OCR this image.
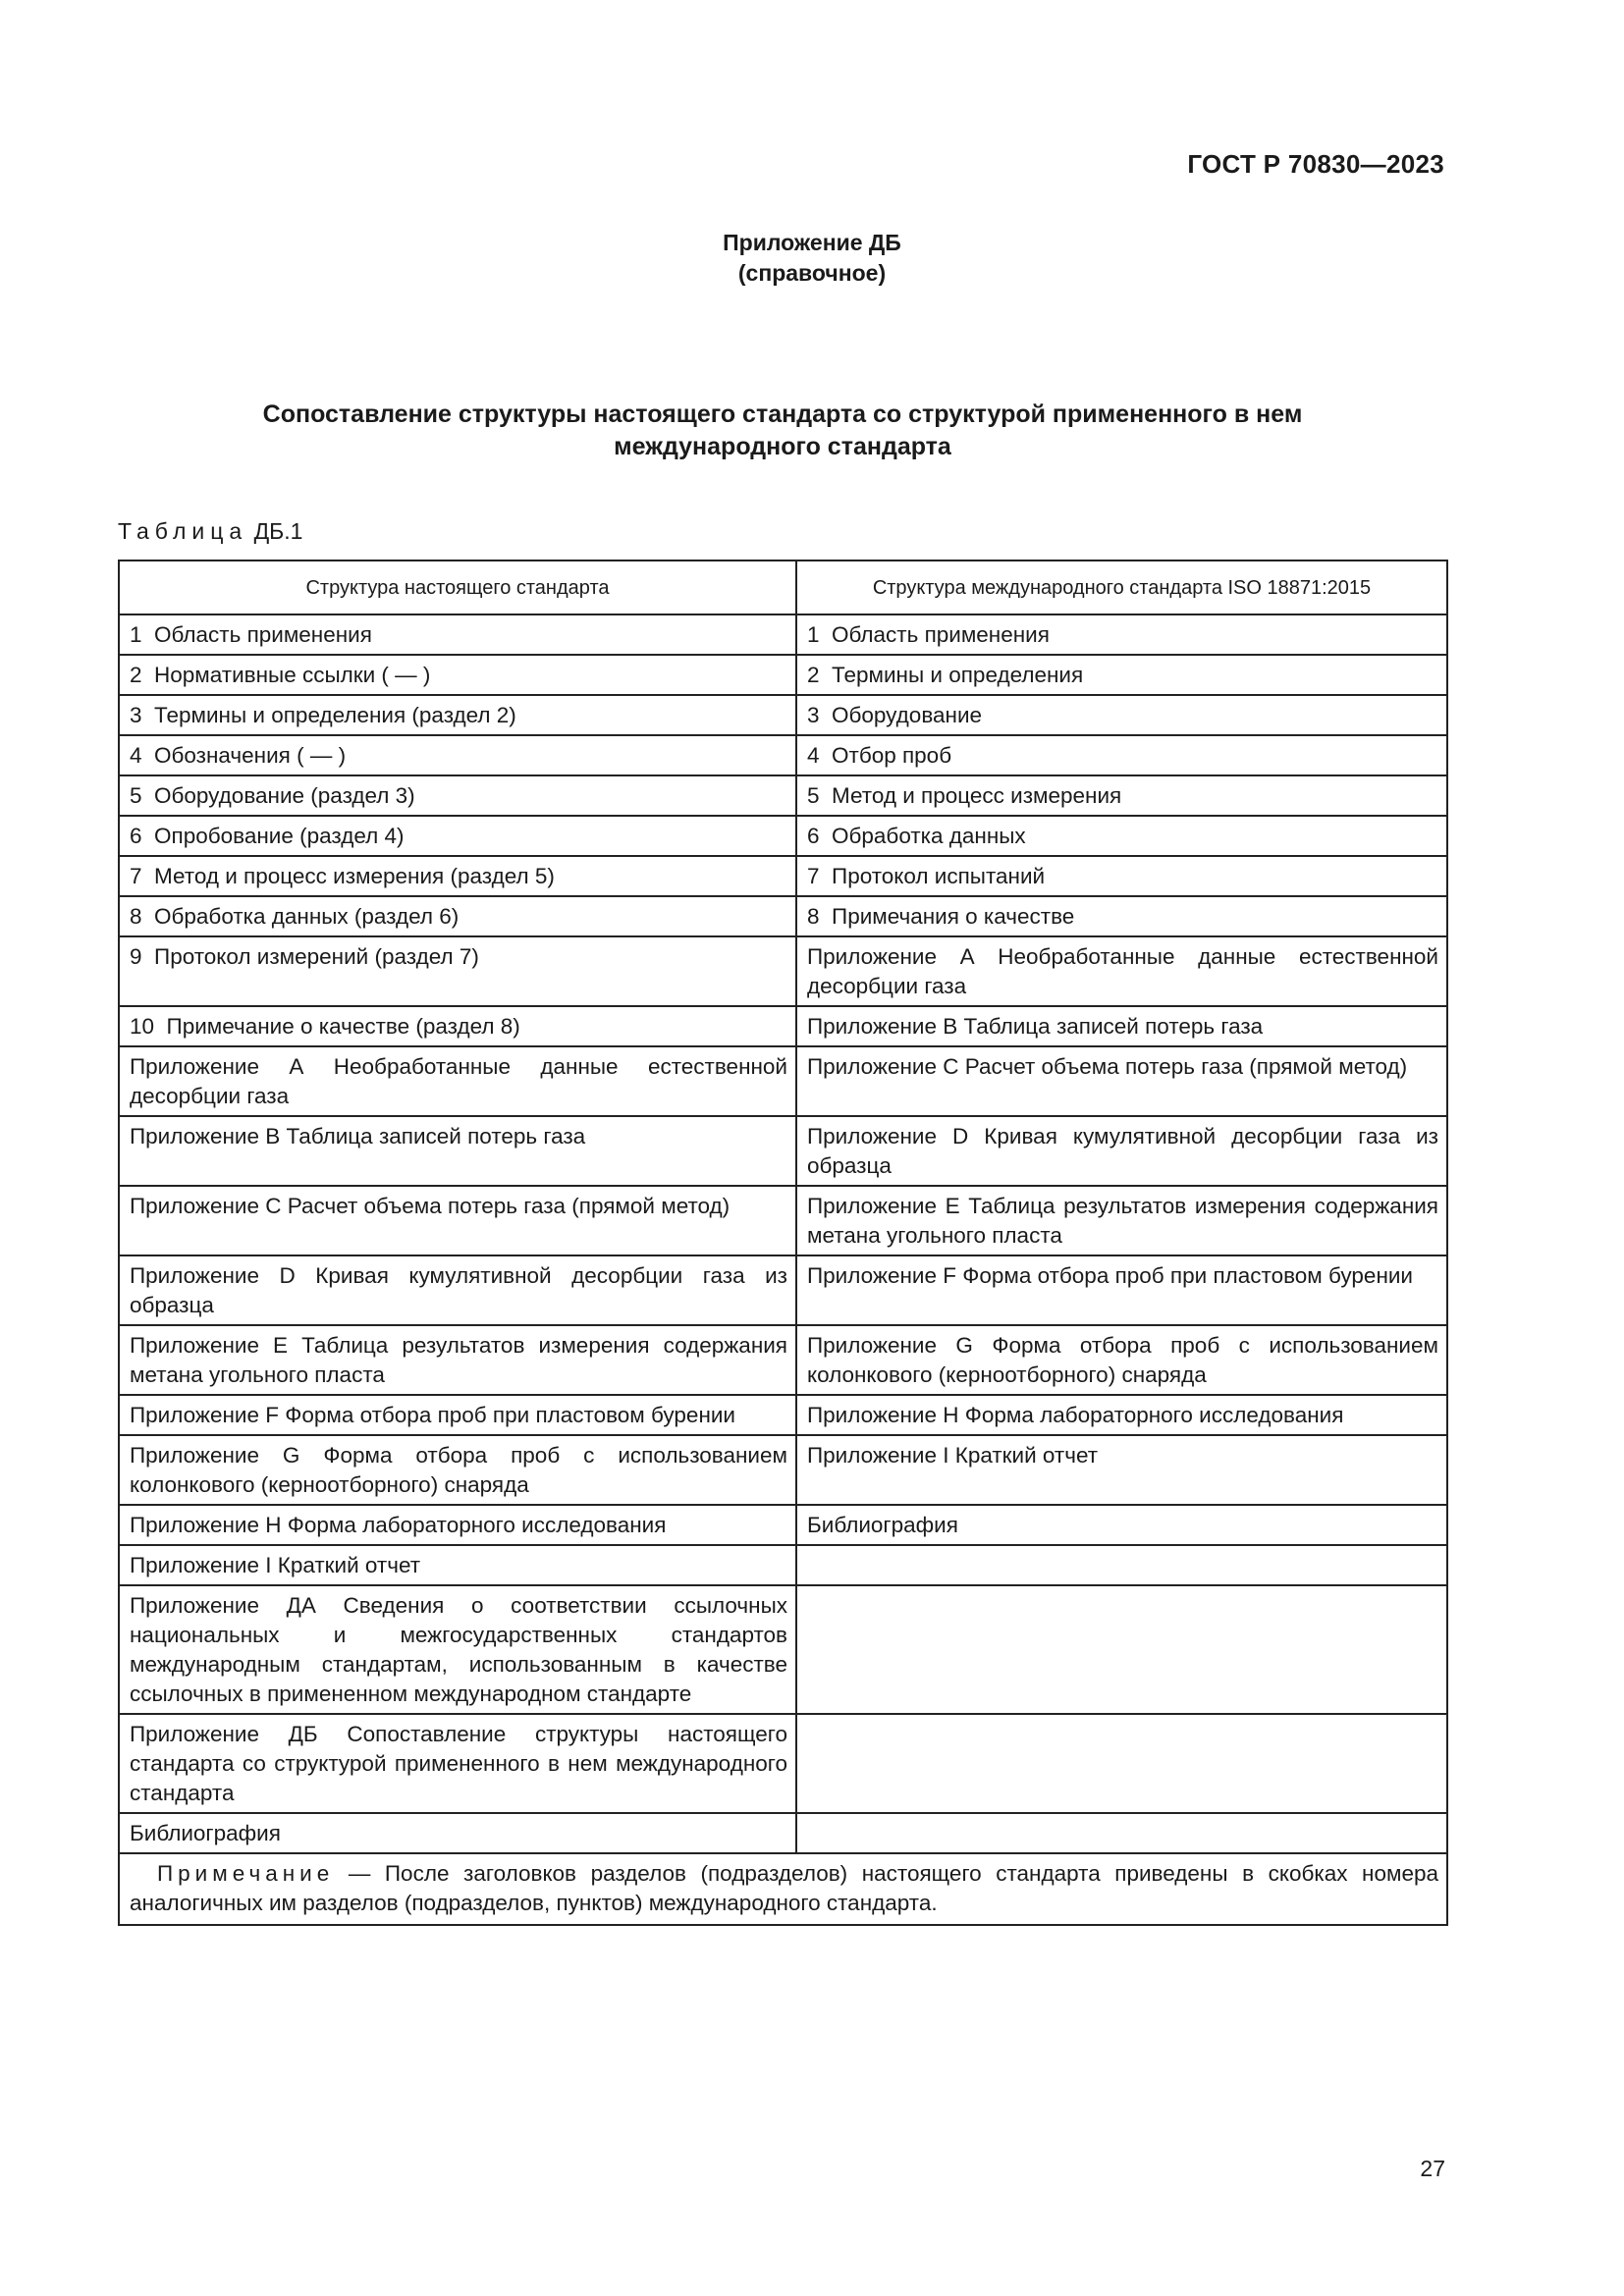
ГОСТ Р 70830—2023
Приложение ДБ
(справочное)
Сопоставление структуры настоящего стандарта со структурой примененного в нем
международного стандарта
Таблица ДБ.1
Структура настоящего стандарта	Структура международного стандарта ISO 18871:2015
1  Область применения	1  Область применения
2  Нормативные ссылки ( — )	2  Термины и определения
3  Термины и определения (раздел 2)	3  Оборудование
4  Обозначения ( — )	4  Отбор проб
5  Оборудование (раздел 3)	5  Метод и процесс измерения
6  Опробование (раздел 4)	6  Обработка данных
7  Метод и процесс измерения (раздел 5)	7  Протокол испытаний
8  Обработка данных (раздел 6)	8  Примечания о качестве
9  Протокол измерений (раздел 7)	Приложение А Необработанные данные естественной десорбции газа
10  Примечание о качестве (раздел 8)	Приложение В Таблица записей потерь газа
Приложение А Необработанные данные естественной десорбции газа	Приложение С Расчет объема потерь газа (прямой метод)
Приложение В Таблица записей потерь газа	Приложение D Кривая кумулятивной десорбции газа из образца
Приложение С Расчет объема потерь газа (прямой метод)	Приложение Е Таблица результатов измерения содержания метана угольного пласта
Приложение D Кривая кумулятивной десорбции газа из образца	Приложение F Форма отбора проб при пластовом бурении
Приложение Е Таблица результатов измерения содержания метана угольного пласта	Приложение G Форма отбора проб с использованием колонкового (керноотборного) снаряда
Приложение F Форма отбора проб при пластовом бурении	Приложение Н Форма лабораторного исследования
Приложение G Форма отбора проб с использованием колонкового (керноотборного) снаряда	Приложение I Краткий отчет
Приложение Н Форма лабораторного исследования	Библиография
Приложение I Краткий отчет	
Приложение ДА Сведения о соответствии ссылочных национальных и межгосударственных стандартов международным стандартам, использованным в качестве ссылочных в примененном международном стандарте	
Приложение ДБ Сопоставление структуры настоящего стандарта со структурой примененного в нем международного стандарта	
Библиография	
Примечание — После заголовков разделов (подразделов) настоящего стандарта приведены в скобках номера аналогичных им разделов (подразделов, пунктов) международного стандарта.	
27
